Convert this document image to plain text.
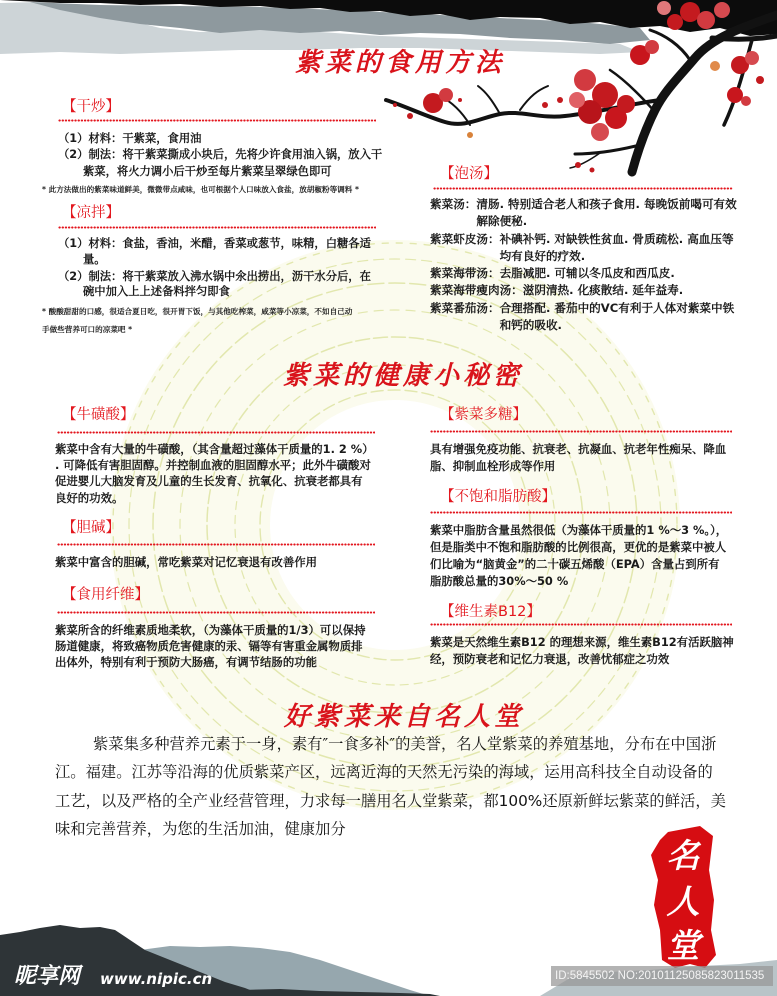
紫菜的食用方法
【干炒】
（1）材料：干紫菜，食用油
（2）制法：将干紫菜撕成小块后，先将少许食用油入锅，放入干
紫菜，将火力调小后干炒至每片紫菜呈翠绿色即可
* 此方法做出的紫菜味道鲜美，微微带点咸味，也可根据个人口味放入食盐，放胡椒粉等调料 *
【凉拌】
（1）材料：食盐，香油，米醋，香菜或葱节，味精，白糖各适
量。
（2）制法：将干紫菜放入沸水锅中氽出捞出，沥干水分后，在
碗中加入上上述备料拌匀即食
* 酸酸甜甜的口感，很适合夏日吃，很开胃下饭，与其他吃榨菜，咸菜等小凉菜，不如自己动
手做些营养可口的凉菜吧 *
【泡汤】
紫菜汤： 清肠. 特别适合老人和孩子食用. 每晚饭前喝可有效
解除便秘.
紫菜虾皮汤： 补碘补钙. 对缺铁性贫血. 骨质疏松. 高血压等
均有良好的疗效.
紫菜海带汤： 去脂减肥. 可辅以冬瓜皮和西瓜皮.
紫菜海带瘦肉汤： 滋阴清热. 化痰散结. 延年益寿.
紫菜番茄汤： 合理搭配. 番茄中的VC有利于人体对紫菜中铁
和钙的吸收.
紫菜的健康小秘密
【牛磺酸】
紫菜中含有大量的牛磺酸，（其含量超过藻体干质量的1. 2 %）
. 可降低有害胆固醇。并控制血液的胆固醇水平；此外牛磺酸对
促进婴儿大脑发育及儿童的生长发育、抗氧化、抗衰老都具有
良好的功效。
【胆碱】
紫菜中富含的胆碱，常吃紫菜对记忆衰退有改善作用
【食用纤维】
紫菜所含的纤维素质地柔软，（为藻体干质量的1/3）可以保持
肠道健康，将致癌物质危害健康的汞、镉等有害重金属物质排
出体外，特别有利于预防大肠癌，有调节结肠的功能
【紫菜多糖】
具有增强免疫功能、抗衰老、抗凝血、抗老年性痴呆、降血
脂、抑制血栓形成等作用
【不饱和脂肪酸】
紫菜中脂肪含量虽然很低（为藻体干质量的1 %～3 %。），
但是脂类中不饱和脂肪酸的比例很高，更优的是紫菜中被人
们比喻为“脑黄金”的二十碳五烯酸（EPA）含量占到所有
脂肪酸总量的30%～50 %
【维生素B12】
紫菜是天然维生素B12 的理想来源，维生素B12有活跃脑神
经，预防衰老和记忆力衰退，改善忧郁症之功效
好紫菜来自名人堂
紫菜集多种营养元素于一身，素有″一食多补″的美誉，名人堂紫菜的养殖基地，分布在中国浙
江。福建。江苏等沿海的优质紫菜产区，远离近海的天然无污染的海域，运用高科技全自动设备的
工艺，以及严格的全产业经营管理，力求每一膳用名人堂紫菜，都100%还原新鲜坛紫菜的鲜活，美
味和完善营养，为您的生活加油，健康加分
名
人
堂
昵享网 www.nipic.cn	ID:5845502 NO:20101125085823011535
